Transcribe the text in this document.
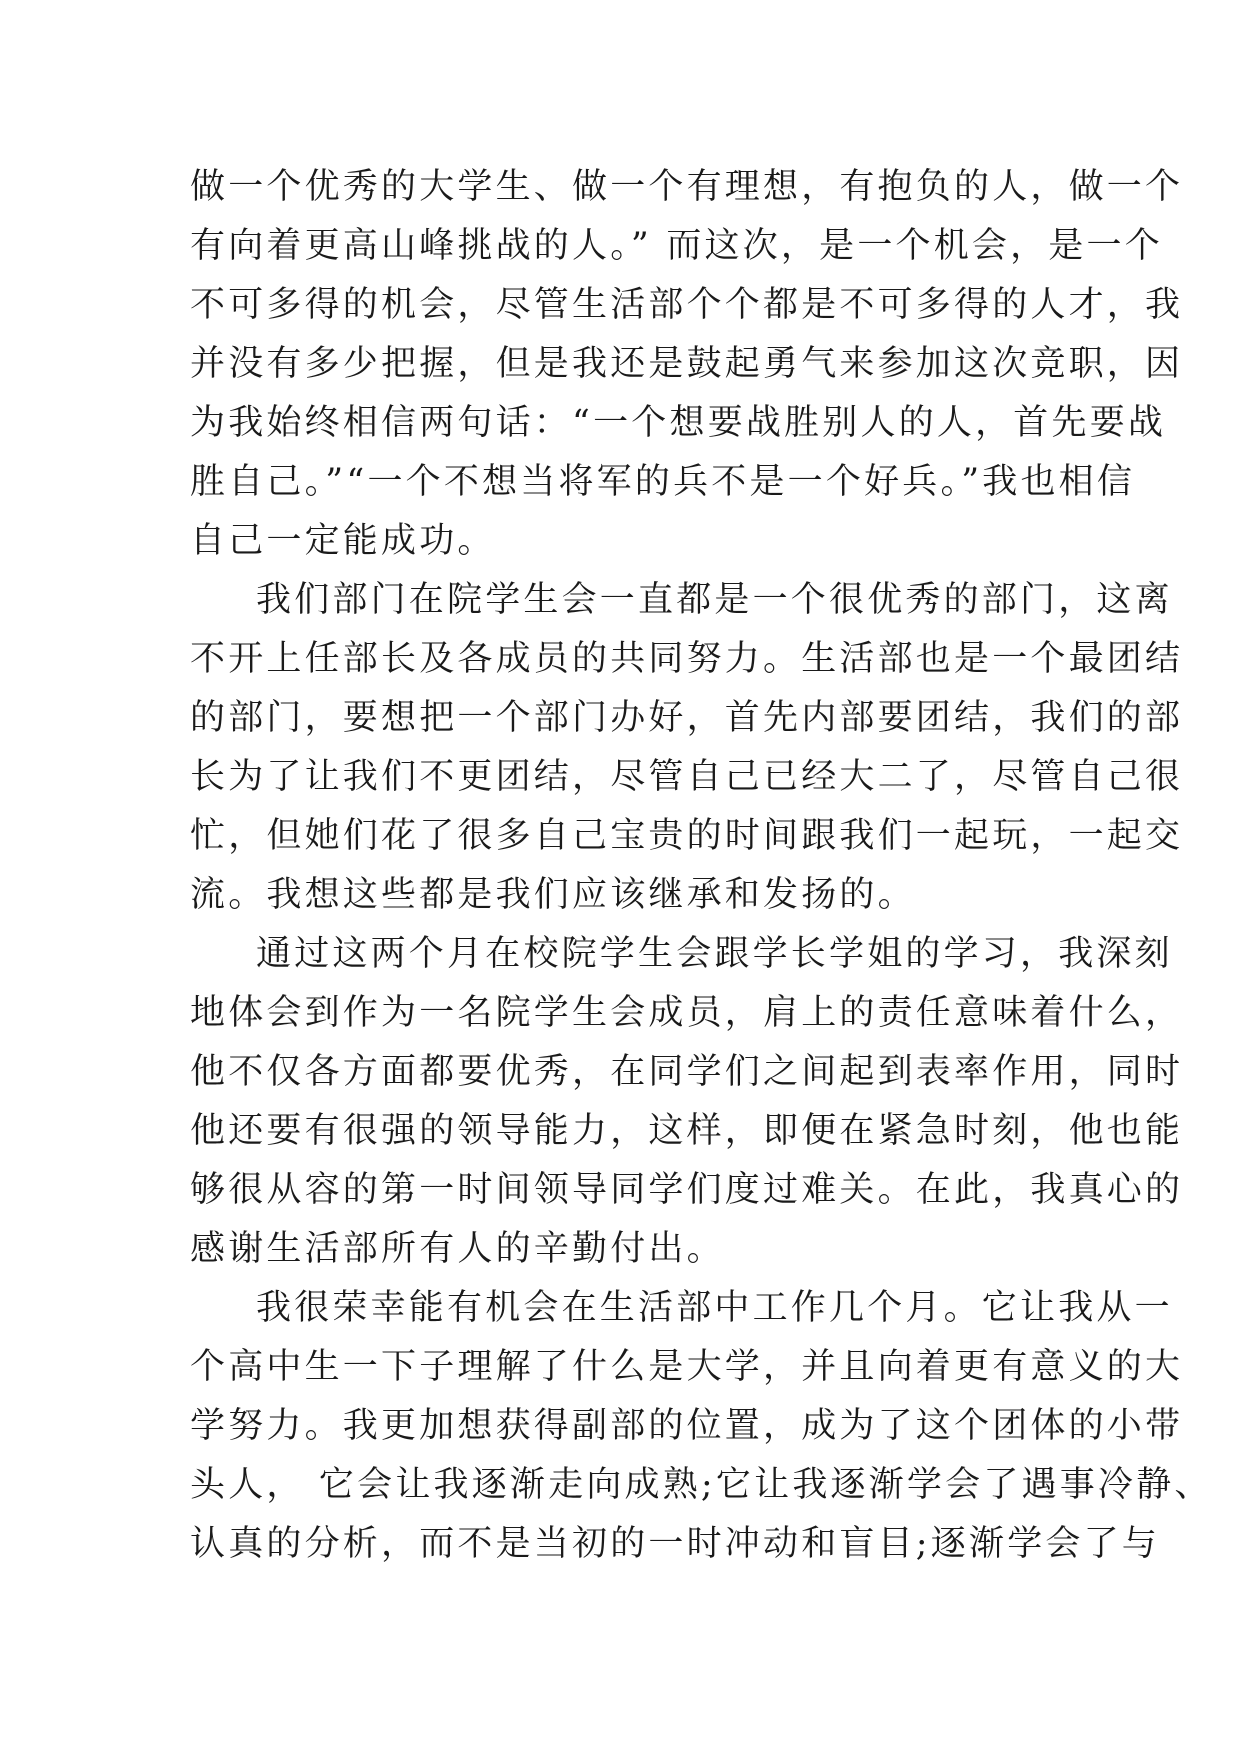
做一个优秀的大学生、做一个有理想，有抱负的人，做一个
有向着更高山峰挑战的人。” 而这次，是一个机会，是一个
不可多得的机会，尽管生活部个个都是不可多得的人才，我
并没有多少把握，但是我还是鼓起勇气来参加这次竞职，因
为我始终相信两句话：“一个想要战胜别人的人，首先要战
胜自己。”“一个不想当将军的兵不是一个好兵。”我也相信
自己一定能成功。
我们部门在院学生会一直都是一个很优秀的部门，这离
不开上任部长及各成员的共同努力。生活部也是一个最团结
的部门，要想把一个部门办好，首先内部要团结，我们的部
长为了让我们不更团结，尽管自己已经大二了，尽管自己很
忙，但她们花了很多自己宝贵的时间跟我们一起玩，一起交
流。我想这些都是我们应该继承和发扬的。
通过这两个月在校院学生会跟学长学姐的学习，我深刻
地体会到作为一名院学生会成员，肩上的责任意味着什么，
他不仅各方面都要优秀，在同学们之间起到表率作用，同时
他还要有很强的领导能力，这样，即便在紧急时刻，他也能
够很从容的第一时间领导同学们度过难关。在此，我真心的
感谢生活部所有人的辛勤付出。
我很荣幸能有机会在生活部中工作几个月。它让我从一
个高中生一下子理解了什么是大学，并且向着更有意义的大
学努力。我更加想获得副部的位置，成为了这个团体的小带
头人， 它会让我逐渐走向成熟;它让我逐渐学会了遇事冷静、
认真的分析，而不是当初的一时冲动和盲目;逐渐学会了与
